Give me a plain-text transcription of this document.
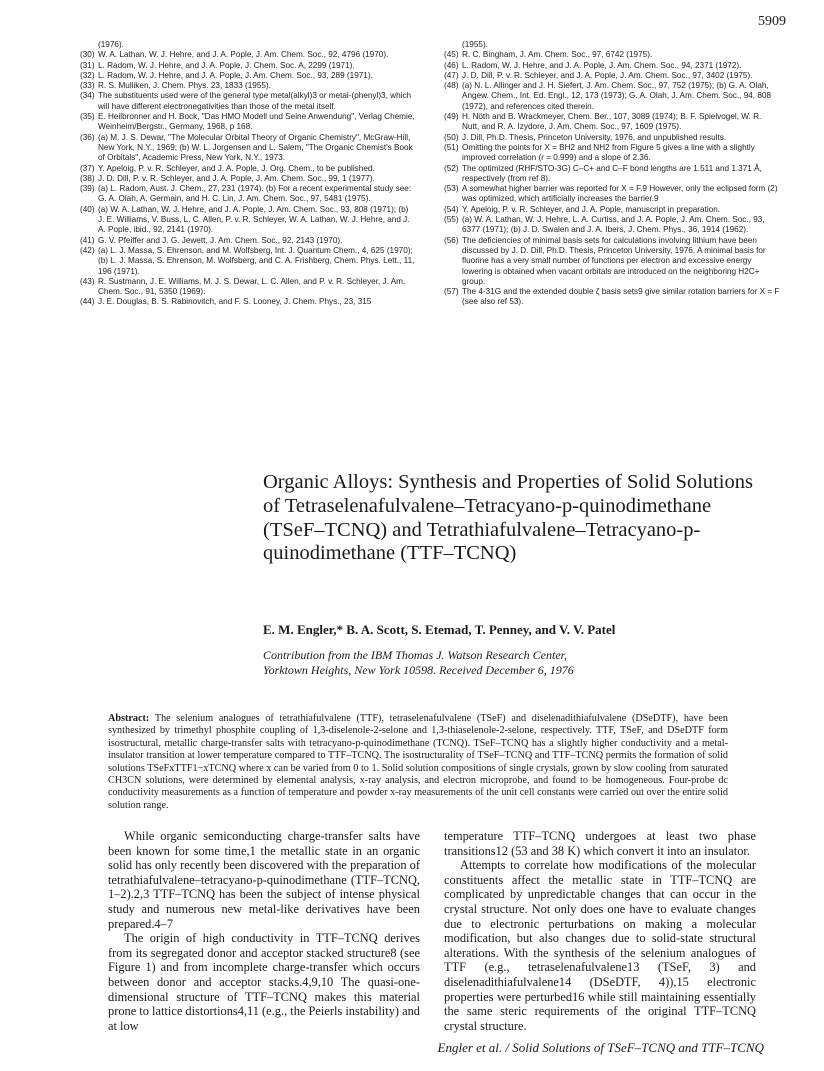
5909
(1976).
(30) W. A. Lathan, W. J. Hehre, and J. A. Pople, J. Am. Chem. Soc., 92, 4796 (1970).
(31) L. Radom, W. J. Hehre, and J. A. Pople, J. Chem. Soc. A, 2299 (1971).
(32) L. Radom, W. J. Hehre, and J. A. Pople, J. Am. Chem. Soc., 93, 289 (1971).
(33) R. S. Mulliken, J. Chem. Phys. 23, 1833 (1955).
(34) The substituents used were of the general type metal(alkyl)3 or metal-(phenyl)3, which will have different electronegativities than those of the metal itself.
(35) E. Heilbronner and H. Bock, "Das HMO Modell und Seine Anwendung", Verlag Chemie, Weinheim/Bergstr., Germany, 1968, p 168.
(36) (a) M. J. S. Dewar, "The Molecular Orbital Theory of Organic Chemistry", McGraw-Hill, New York, N.Y., 1969; (b) W. L. Jorgensen and L. Salem, "The Organic Chemist's Book of Orbitals", Academic Press, New York, N.Y., 1973.
(37) Y. Apeloig, P. v. R. Schleyer, and J. A. Pople, J. Org. Chem., to be published.
(38) J. D. Dill, P. v. R. Schleyer, and J. A. Pople, J. Am. Chem. Soc., 99, 1 (1977).
(39) (a) L. Radom, Aust. J. Chem., 27, 231 (1974). (b) For a recent experimental study see: G. A. Olah, A. Germain, and H. C. Lin, J. Am. Chem. Soc., 97, 5481 (1975).
(40) (a) W. A. Lathan, W. J. Hehre, and J. A. Pople, J. Am. Chem. Soc., 93, 808 (1971); (b) J. E. Williams, V. Buss, L. C. Allen, P. v. R. Schleyer, W. A. Lathan, W. J. Hehre, and J. A. Pople, ibid., 92, 2141 (1970).
(41) G. V. Pfeiffer and J. G. Jewett, J. Am. Chem. Soc., 92, 2143 (1970).
(42) (a) L. J. Massa, S. Ehrenson, and M. Wolfsberg, Int. J. Quantum Chem., 4, 625 (1970); (b) L. J. Massa, S. Ehrenson, M. Wolfsberg, and C. A. Frishberg, Chem. Phys. Lett., 11, 196 (1971).
(43) R. Sustmann, J. E. Williams, M. J. S. Dewar, L. C. Allen, and P. v. R. Schleyer, J. Am. Chem. Soc., 91, 5350 (1969).
(44) J. E. Douglas, B. S. Rabinovitch, and F. S. Looney, J. Chem. Phys., 23, 315
(1955).
(45) R. C. Bingham, J. Am. Chem. Soc., 97, 6742 (1975).
(46) L. Radom, W. J. Hehre, and J. A. Pople, J. Am. Chem. Soc., 94, 2371 (1972).
(47) J. D. Dill, P. v. R. Schleyer, and J. A. Pople, J. Am. Chem. Soc., 97, 3402 (1975).
(48) (a) N. L. Allinger and J. H. Siefert, J. Am. Chem. Soc., 97, 752 (1975); (b) G. A. Olah, Angew. Chem., Int. Ed. Engl., 12, 173 (1973); G. A. Olah, J. Am. Chem. Soc., 94, 808 (1972), and references cited therein.
(49) H. Nöth and B. Wrackmeyer, Chem. Ber., 107, 3089 (1974); B. F. Spielvogel, W. R. Nutt, and R. A. Izydore, J. Am. Chem. Soc., 97, 1609 (1975).
(50) J. Dill, Ph.D. Thesis, Princeton University, 1976, and unpublished results.
(51) Omitting the points for X = BH2 and NH2 from Figure 5 gives a line with a slightly improved correlation (r = 0.999) and a slope of 2.36.
(52) The optimized (RHF/STO-3G) C–C+ and C–F bond lengths are 1.511 and 1.371 Å, respectively (from ref 8).
(53) A somewhat higher barrier was reported for X = F.9 However, only the eclipsed form (2) was optimized, which artificially increases the barrier.9
(54) Y. Apeloig, P. v. R. Schleyer, and J. A. Pople, manuscript in preparation.
(55) (a) W. A. Lathan, W. J. Hehre, L. A. Curtiss, and J. A. Pople, J. Am. Chem. Soc., 93, 6377 (1971); (b) J. D. Swalen and J. A. Ibers, J. Chem. Phys., 36, 1914 (1962).
(56) The deficiencies of minimal basis sets for calculations involving lithium have been discussed by J. D. Dill, Ph.D. Thesis, Princeton University, 1976. A minimal basis for fluorine has a very small number of functions per electron and excessive energy lowering is obtained when vacant orbitals are introduced on the neighboring H2C+ group.
(57) The 4-31G and the extended double ζ basis sets9 give similar rotation barriers for X = F (see also ref 53).
Organic Alloys: Synthesis and Properties of Solid Solutions of Tetraselenafulvalene–Tetracyano-p-quinodimethane (TSeF–TCNQ) and Tetrathiafulvalene–Tetracyano-p-quinodimethane (TTF–TCNQ)
E. M. Engler,* B. A. Scott, S. Etemad, T. Penney, and V. V. Patel
Contribution from the IBM Thomas J. Watson Research Center,
Yorktown Heights, New York 10598. Received December 6, 1976
Abstract: The selenium analogues of tetrathiafulvalene (TTF), tetraselenafulvalene (TSeF) and diselenadithiafulvalene (DSeDTF), have been synthesized by trimethyl phosphite coupling of 1,3-diselenole-2-selone and 1,3-thiaselenole-2-selone, respectively. TTF, TSeF, and DSeDTF form isostructural, metallic charge-transfer salts with tetracyano-p-quinodimethane (TCNQ). TSeF–TCNQ has a slightly higher conductivity and a metal-insulator transition at lower temperature compared to TTF–TCNQ. The isostructurality of TSeF–TCNQ and TTF–TCNQ permits the formation of solid solutions TSeFxTTF1−xTCNQ where x can be varied from 0 to 1. Solid solution compositions of single crystals, grown by slow cooling from saturated CH3CN solutions, were determined by elemental analysis, x-ray analysis, and electron microprobe, and found to be homogeneous. Four-probe dc conductivity measurements as a function of temperature and powder x-ray measurements of the unit cell constants were carried out over the entire solid solution range.

While organic semiconducting charge-transfer salts have been known for some time,1 the metallic state in an organic solid has only recently been discovered with the preparation of tetrathiafulvalene–tetracyano-p-quinodimethane (TTF–TCNQ, 1–2).2,3 TTF–TCNQ has been the subject of intense physical study and numerous new metal-like derivatives have been prepared.4–7

The origin of high conductivity in TTF–TCNQ derives from its segregated donor and acceptor stacked structure8 (see Figure 1) and from incomplete charge-transfer which occurs between donor and acceptor stacks.4,9,10 The quasi-one-dimensional structure of TTF–TCNQ makes this material prone to lattice distortions4,11 (e.g., the Peierls instability) and at low

temperature TTF–TCNQ undergoes at least two phase transitions12 (53 and 38 K) which convert it into an insulator.

Attempts to correlate how modifications of the molecular constituents affect the metallic state in TTF–TCNQ are complicated by unpredictable changes that can occur in the crystal structure. Not only does one have to evaluate changes due to electronic perturbations on making a molecular modification, but also changes due to solid-state structural alterations. With the synthesis of the selenium analogues of TTF (e.g., tetraselenafulvalene13 (TSeF, 3) and diselenadithiafulvalene14 (DSeDTF, 4)),15 electronic properties were perturbed16 while still maintaining essentially the same steric requirements of the original TTF–TCNQ crystal structure.

Engler et al. / Solid Solutions of TSeF–TCNQ and TTF–TCNQ
